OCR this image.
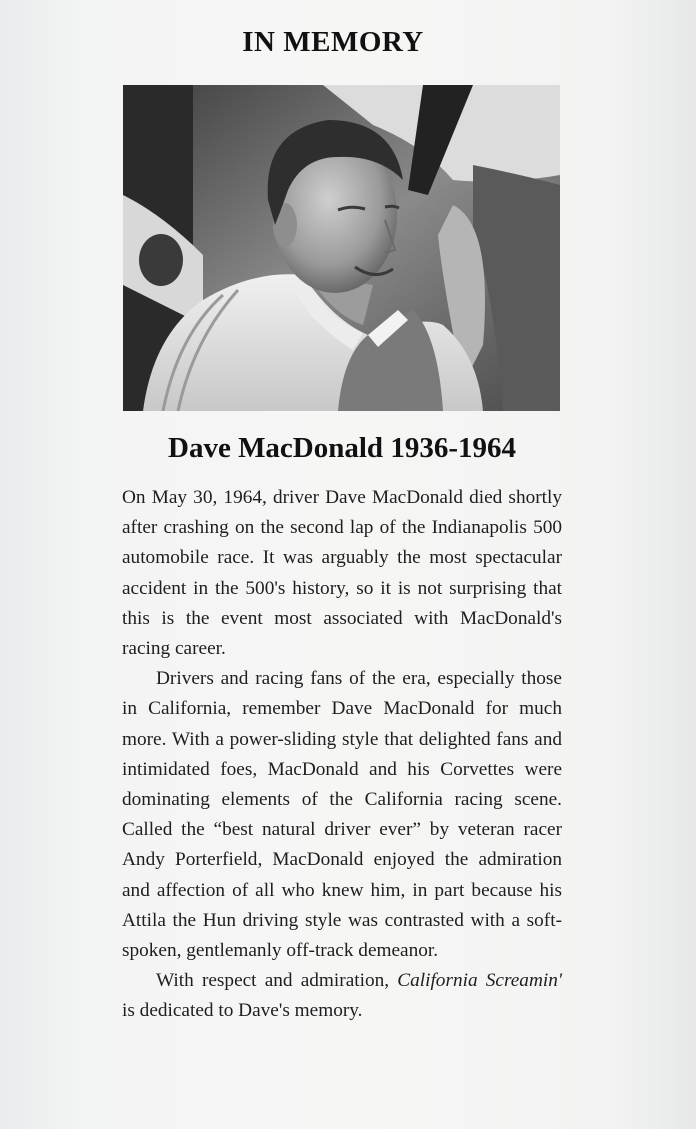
IN MEMORY
Dave MacDonald 1936-1964

On May 30, 1964, driver Dave MacDonald died shortly after crashing on the second lap of the Indianapolis 500 automobile race. It was arguably the most spectacular accident in the 500's history, so it is not surprising that this is the event most associated with MacDonald's racing career.

Drivers and racing fans of the era, especially those in California, remember Dave MacDonald for much more. With a power-sliding style that delighted fans and intimidated foes, MacDonald and his Corvettes were dominating elements of the California racing scene. Called the “best natural driver ever” by veteran racer Andy Porterfield, MacDonald enjoyed the admiration and affection of all who knew him, in part because his Attila the Hun driving style was contrasted with a soft-spoken, gentlemanly off-track demeanor.

With respect and admiration, California Screamin' is dedicated to Dave's memory.
